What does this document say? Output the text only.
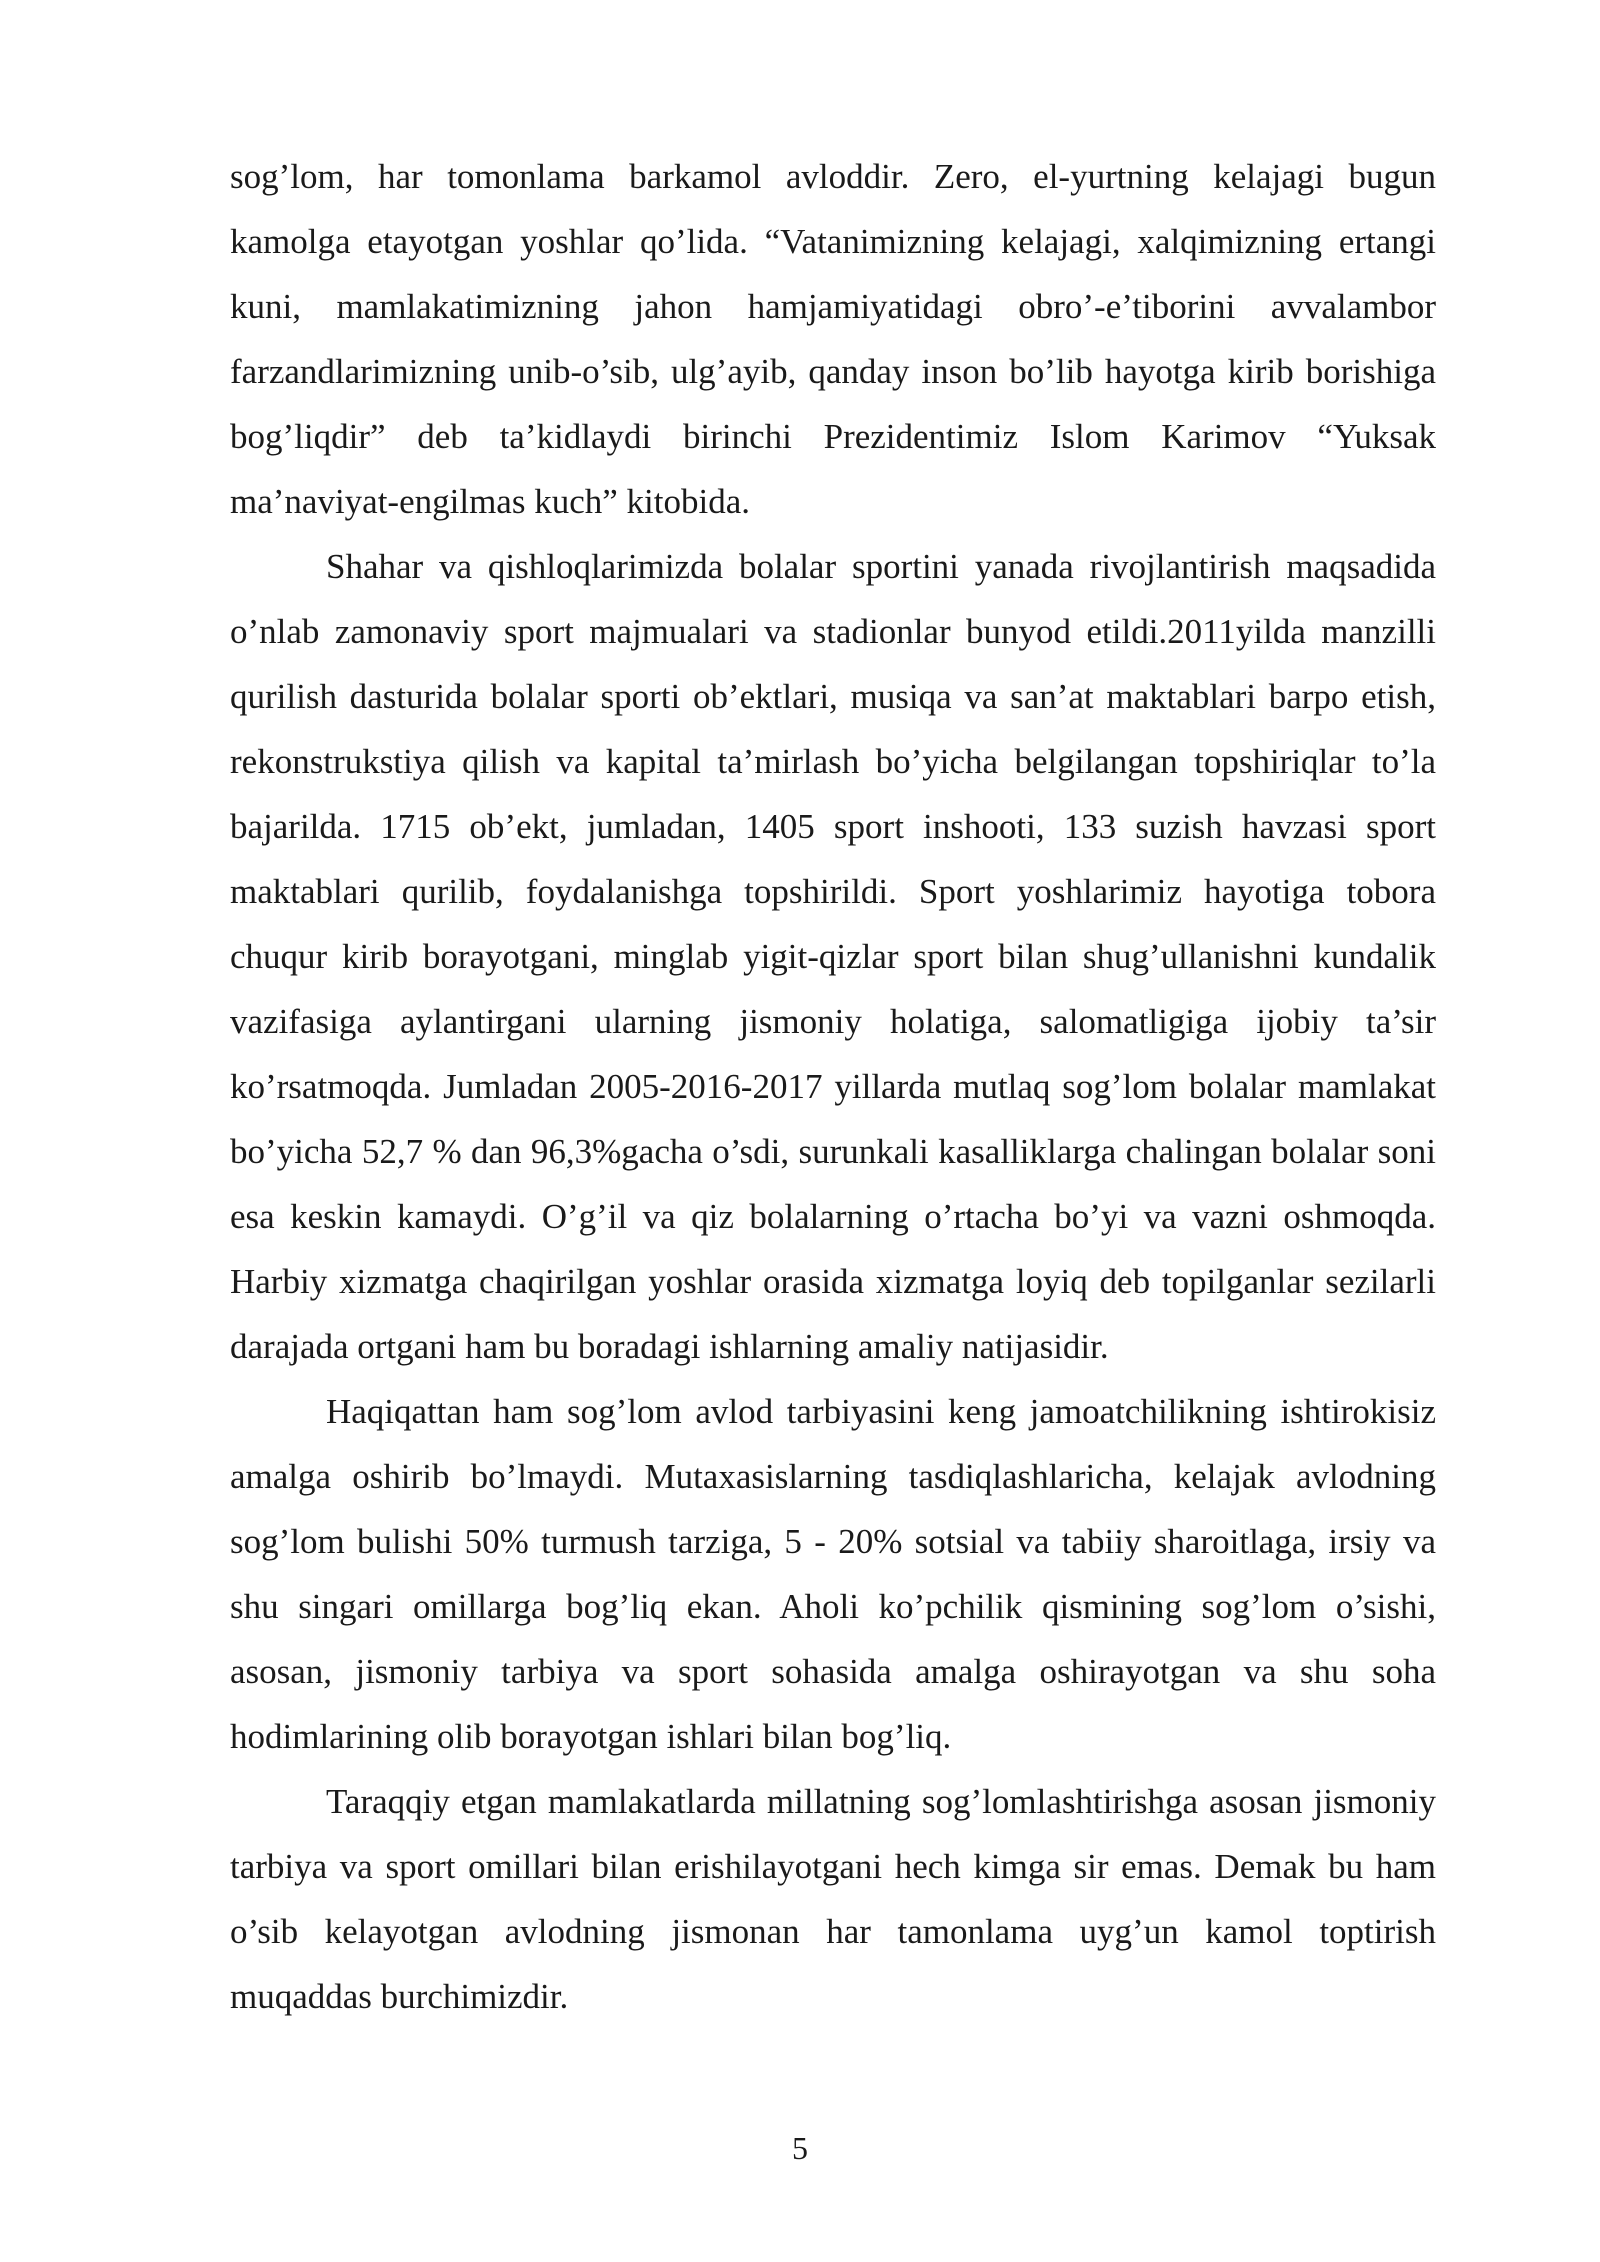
sog’lom, har tomonlama barkamol avloddir. Zero, el-yurtning kelajagi bugun kamolga etayotgan yoshlar qo’lida. “Vatanimizning kelajagi, xalqimizning ertangi kuni, mamlakatimizning jahon hamjamiyatidagi obro’-e’tiborini avvalambor farzandlarimizning unib-o’sib, ulg’ayib, qanday inson bo’lib hayotga kirib borishiga bog’liqdir” deb ta’kidlaydi birinchi Prezidentimiz Islom Karimov “Yuksak ma’naviyat-engilmas kuch” kitobida.

Shahar va qishloqlarimizda bolalar sportini yanada rivojlantirish maqsadida o’nlab zamonaviy sport majmualari va stadionlar bunyod etildi.2011yilda manzilli qurilish dasturida bolalar sporti ob’ektlari, musiqa va san’at maktablari barpo etish, rekonstrukstiya qilish va kapital ta’mirlash bo’yicha belgilangan topshiriqlar to’la bajarilda. 1715 ob’ekt, jumladan, 1405 sport inshooti, 133 suzish havzasi sport maktablari qurilib, foydalanishga topshirildi. Sport yoshlarimiz hayotiga tobora chuqur kirib borayotgani, minglab yigit-qizlar sport bilan shug’ullanishni kundalik vazifasiga aylantirgani ularning jismoniy holatiga, salomatligiga ijobiy ta’sir ko’rsatmoqda. Jumladan 2005-2016-2017 yillarda mutlaq sog’lom bolalar mamlakat bo’yicha 52,7 % dan 96,3%gacha o’sdi, surunkali kasalliklarga chalingan bolalar soni esa keskin kamaydi. O’g’il va qiz bolalarning o’rtacha bo’yi va vazni oshmoqda. Harbiy xizmatga chaqirilgan yoshlar orasida xizmatga loyiq deb topilganlar sezilarli darajada ortgani ham bu boradagi ishlarning amaliy natijasidir.

Haqiqattan ham sog’lom avlod tarbiyasini keng jamoatchilikning ishtirokisiz amalga oshirib bo’lmaydi. Mutaxasislarning tasdiqlashlaricha, kelajak avlodning sog’lom bulishi 50% turmush tarziga, 5 - 20% sotsial va tabiiy sharoitlaga, irsiy va shu singari omillarga bog’liq ekan. Aholi ko’pchilik qismining sog’lom o’sishi, asosan, jismoniy tarbiya va sport sohasida amalga oshirayotgan va shu soha hodimlarining olib borayotgan ishlari bilan bog’liq.

Taraqqiy etgan mamlakatlarda millatning sog’lomlashtirishga asosan jismoniy tarbiya va sport omillari bilan erishilayotgani hech kimga sir emas. Demak bu ham o’sib kelayotgan avlodning jismonan har tamonlama uyg’un kamol toptirish muqaddas burchimizdir.

5
